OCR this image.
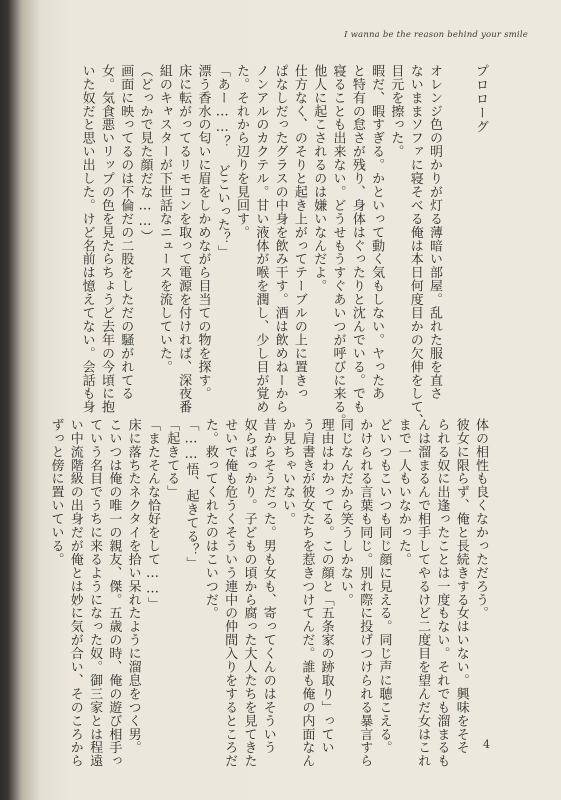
I wanna be the reason behind your smile
プロローグ
オレンジ色の明かりが灯る薄暗い部屋。乱れた服を直さ
ないままソファに寝そべる俺は本日何度目かの欠伸をして、
目元を擦った。
暇だ、暇すぎる。かといって動く気もしない。ヤったあ
と特有の怠さが残り、身体はぐったりと沈んでいる。でも
寝ることも出来ない。どうせもうすぐあいつが呼びに来る。
他人に起こされるのは嫌いなんだよ。
仕方なく、のそりと起き上がってテーブルの上に置きっ
ぱなしだったグラスの中身を飲み干す。酒は飲めねーから
ノンアルのカクテル。甘い液体が喉を潤し、少し目が覚め
た。それから辺りを見回す。
「あー……？ どこいった？」
漂う香水の匂いに眉をしかめながら目当ての物を探す。
床に転がってるリモコンを取って電源を付ければ、深夜番
組のキャスターが下世話なニュースを流していた。
（どっかで見た顔だな……）
画面に映ってるのは不倫だの二股をしただの騒がれてる
女。気食悪いリップの色を見たらちょうど去年の今頃に抱
いた奴だと思い出した。けど名前は憶えてない。会話も身
体の相性も良くなかっただろう。
彼女に限らず、俺と長続きする女はいない。興味をそそ
られる奴に出逢ったことは一度もない。それでも溜まるも
んは溜まるんで相手してやるけど二度目を望んだ女はこれ
まで一人もいなかった。
どいつもこいつも同じ顔に見える。同じ声に聴こえる。
かけられる言葉も同じ。別れ際に投げつけられる暴言すら
同じなんだから笑うしかない。
理由はわかってる。この顔と「五条家の跡取り」ってい
う肩書きが彼女たちを惹きつけてんだ。誰も俺の内面なん
か見ちゃいない。
昔からそうだった。男も女も、寄ってくんのはそういう
奴らばっかり。子どもの頃から腐った大人たちを見てきた
せいで俺も危うくそういう連中の仲間入りをするところだ
た。救ってくれたのはこいつだ。
「……悟、起きてる？」
「起きてる」
「またそんな恰好をして……」
床に落ちたネクタイを拾い呆れたように溜息をつく男。
こいつは俺の唯一の親友、傑。五歳の時、俺の遊び相手っ
ていう名目でうちに来るようになった奴。御三家とは程遠
い中流階級の出身だが俺とは妙に気が合い、そのころから
ずっと傍に置いている。
4
